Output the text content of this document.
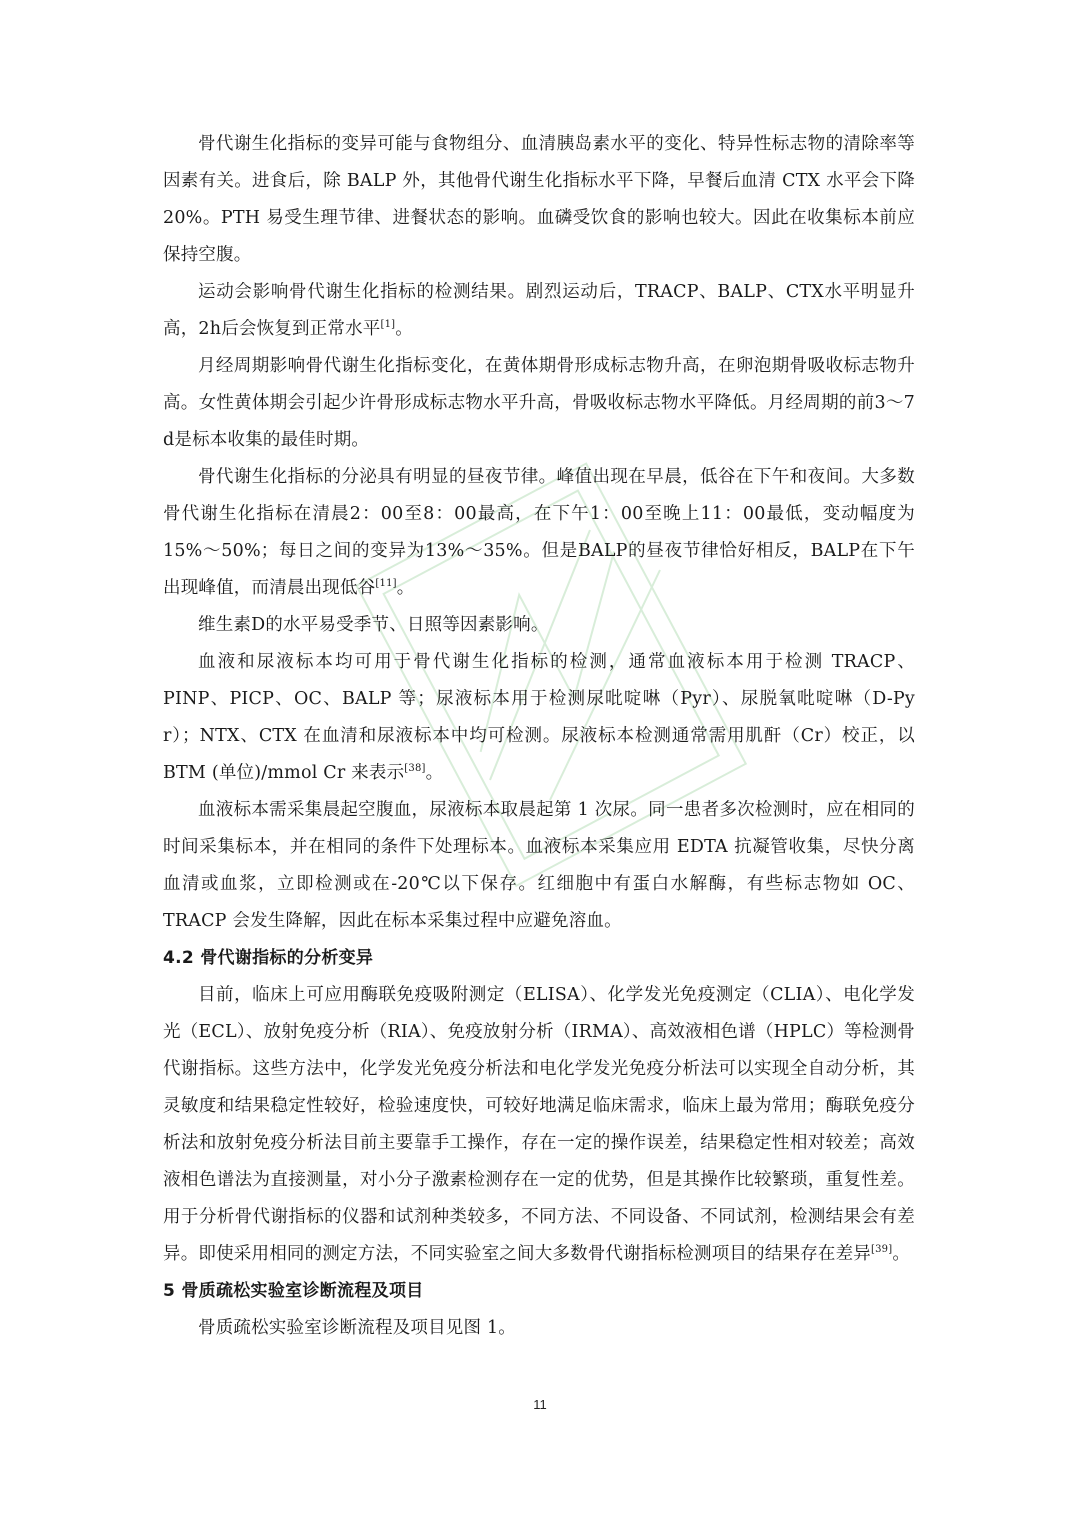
骨代谢生化指标的变异可能与食物组分、血清胰岛素水平的变化、特异性标志物的清除率等因素有关。进食后，除 BALP 外，其他骨代谢生化指标水平下降，早餐后血清 CTX 水平会下降 20%。PTH 易受生理节律、进餐状态的影响。血磷受饮食的影响也较大。因此在收集标本前应保持空腹。

运动会影响骨代谢生化指标的检测结果。剧烈运动后，TRACP、BALP、CTX水平明显升高，2h后会恢复到正常水平[1]。

月经周期影响骨代谢生化指标变化，在黄体期骨形成标志物升高，在卵泡期骨吸收标志物升高。女性黄体期会引起少许骨形成标志物水平升高，骨吸收标志物水平降低。月经周期的前3～7 d是标本收集的最佳时期。

骨代谢生化指标的分泌具有明显的昼夜节律。峰值出现在早晨，低谷在下午和夜间。大多数骨代谢生化指标在清晨2：00至8：00最高，在下午1：00至晚上11：00最低，变动幅度为15%～50%；每日之间的变异为13%～35%。但是BALP的昼夜节律恰好相反，BALP在下午出现峰值，而清晨出现低谷[11]。

维生素D的水平易受季节、日照等因素影响。

血液和尿液标本均可用于骨代谢生化指标的检测，通常血液标本用于检测 TRACP、PINP、PICP、OC、BALP 等；尿液标本用于检测尿吡啶啉（Pyr）、尿脱氧吡啶啉（D-Py r）；NTX、CTX 在血清和尿液标本中均可检测。尿液标本检测通常需用肌酐（Cr）校正，以 BTM (单位)/mmol Cr 来表示[38]。

血液标本需采集晨起空腹血，尿液标本取晨起第 1 次尿。同一患者多次检测时，应在相同的时间采集标本，并在相同的条件下处理标本。血液标本采集应用 EDTA 抗凝管收集，尽快分离血清或血浆，立即检测或在-20℃以下保存。红细胞中有蛋白水解酶，有些标志物如 OC、TRACP 会发生降解，因此在标本采集过程中应避免溶血。

4.2 骨代谢指标的分析变异

目前，临床上可应用酶联免疫吸附测定（ELISA）、化学发光免疫测定（CLIA）、电化学发光（ECL）、放射免疫分析（RIA）、免疫放射分析（IRMA）、高效液相色谱（HPLC）等检测骨代谢指标。这些方法中，化学发光免疫分析法和电化学发光免疫分析法可以实现全自动分析，其灵敏度和结果稳定性较好，检验速度快，可较好地满足临床需求，临床上最为常用；酶联免疫分析法和放射免疫分析法目前主要靠手工操作，存在一定的操作误差，结果稳定性相对较差；高效液相色谱法为直接测量，对小分子激素检测存在一定的优势，但是其操作比较繁琐，重复性差。用于分析骨代谢指标的仪器和试剂种类较多，不同方法、不同设备、不同试剂，检测结果会有差异。即使采用相同的测定方法，不同实验室之间大多数骨代谢指标检测项目的结果存在差异[39]。

5 骨质疏松实验室诊断流程及项目

骨质疏松实验室诊断流程及项目见图 1。

11
